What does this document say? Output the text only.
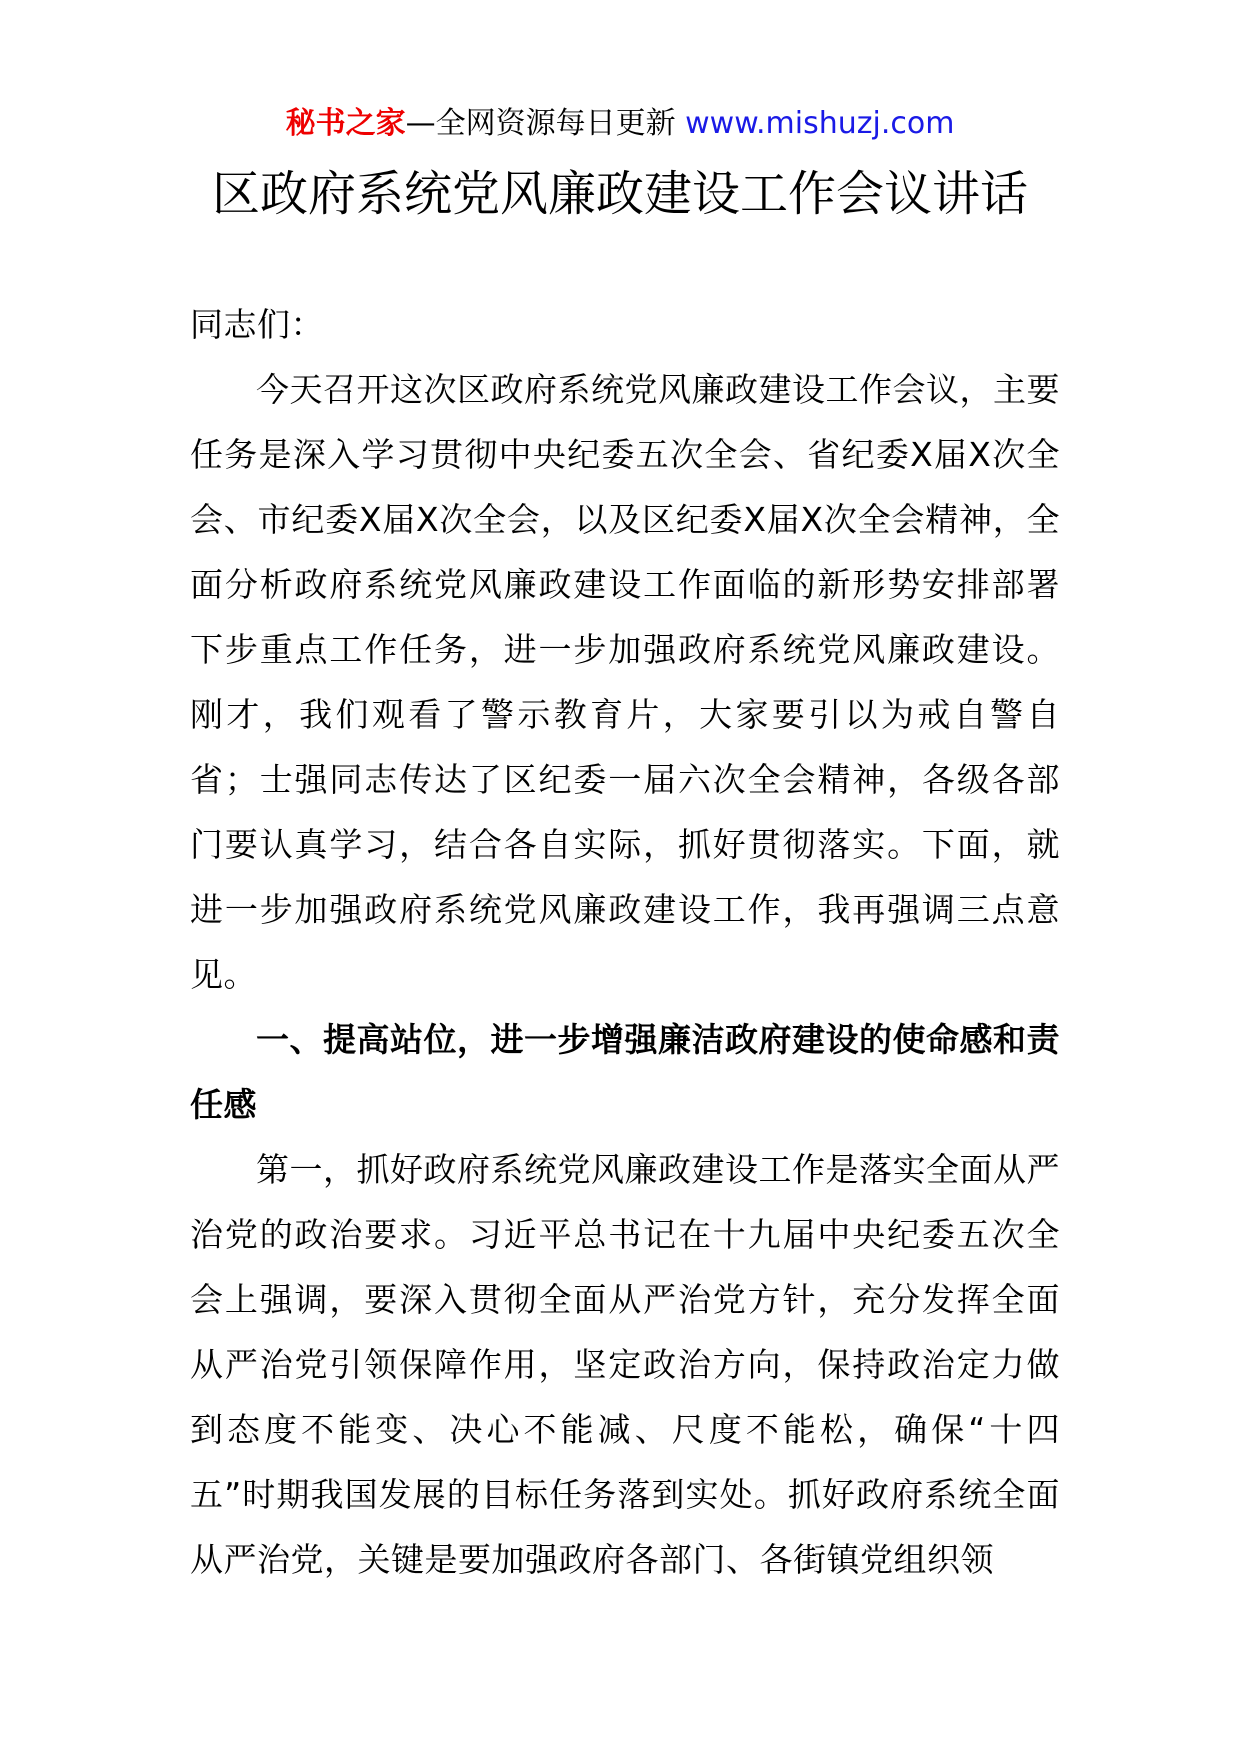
秘书之家—全网资源每日更新 www.mishuzj.com
区政府系统党风廉政建设工作会议讲话

同志们：

今天召开这次区政府系统党风廉政建设工作会议，主要任务是深入学习贯彻中央纪委五次全会、省纪委X届X次全会、市纪委X届X次全会，以及区纪委X届X次全会精神，全面分析政府系统党风廉政建设工作面临的新形势安排部署下步重点工作任务，进一步加强政府系统党风廉政建设。刚才，我们观看了警示教育片，大家要引以为戒自警自省；士强同志传达了区纪委一届六次全会精神，各级各部门要认真学习，结合各自实际，抓好贯彻落实。下面，就进一步加强政府系统党风廉政建设工作，我再强调三点意见。

一、提高站位，进一步增强廉洁政府建设的使命感和责任感

第一，抓好政府系统党风廉政建设工作是落实全面从严治党的政治要求。习近平总书记在十九届中央纪委五次全会上强调，要深入贯彻全面从严治党方针，充分发挥全面从严治党引领保障作用，坚定政治方向，保持政治定力做到态度不能变、决心不能减、尺度不能松，确保“十四五”时期我国发展的目标任务落到实处。抓好政府系统全面从严治党，关键是要加强政府各部门、各街镇党组织领
